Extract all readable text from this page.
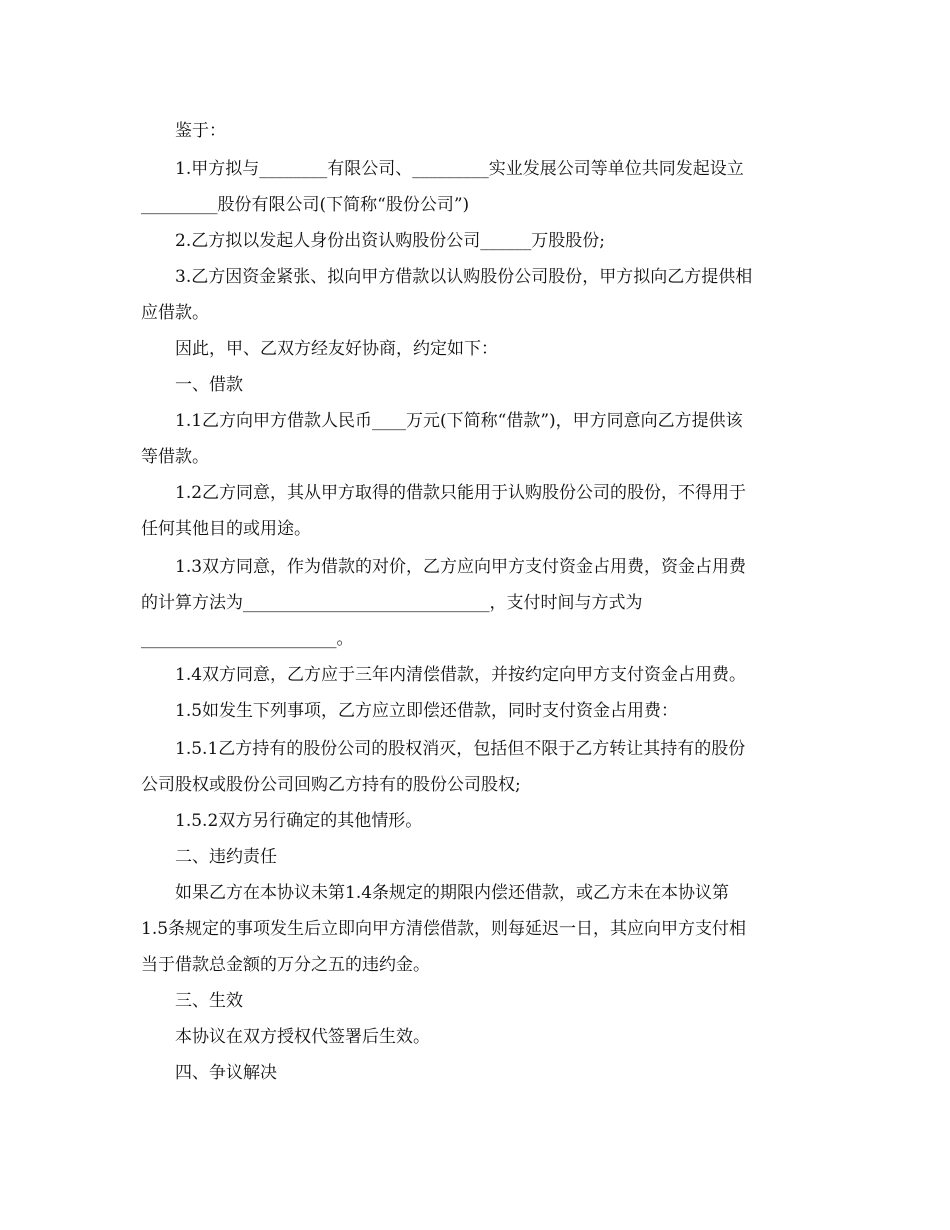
鉴于：

1.甲方拟与________有限公司、_________实业发展公司等单位共同发起设立

_________股份有限公司(下简称“股份公司”)

2.乙方拟以发起人身份出资认购股份公司______万股股份;

3.乙方因资金紧张、拟向甲方借款以认购股份公司股份，甲方拟向乙方提供相

应借款。

因此，甲、乙双方经友好协商，约定如下：

一、借款

1.1乙方向甲方借款人民币____万元(下简称“借款”)，甲方同意向乙方提供该

等借款。

1.2乙方同意，其从甲方取得的借款只能用于认购股份公司的股份，不得用于

任何其他目的或用途。

1.3双方同意，作为借款的对价，乙方应向甲方支付资金占用费，资金占用费

的计算方法为_____________________________，支付时间与方式为

_______________________。

1.4双方同意，乙方应于三年内清偿借款，并按约定向甲方支付资金占用费。

1.5如发生下列事项，乙方应立即偿还借款，同时支付资金占用费：

1.5.1乙方持有的股份公司的股权消灭，包括但不限于乙方转让其持有的股份

公司股权或股份公司回购乙方持有的股份公司股权;

1.5.2双方另行确定的其他情形。

二、违约责任

如果乙方在本协议未第1.4条规定的期限内偿还借款，或乙方未在本协议第

1.5条规定的事项发生后立即向甲方清偿借款，则每延迟一日，其应向甲方支付相

当于借款总金额的万分之五的违约金。

三、生效

本协议在双方授权代签署后生效。

四、争议解决
